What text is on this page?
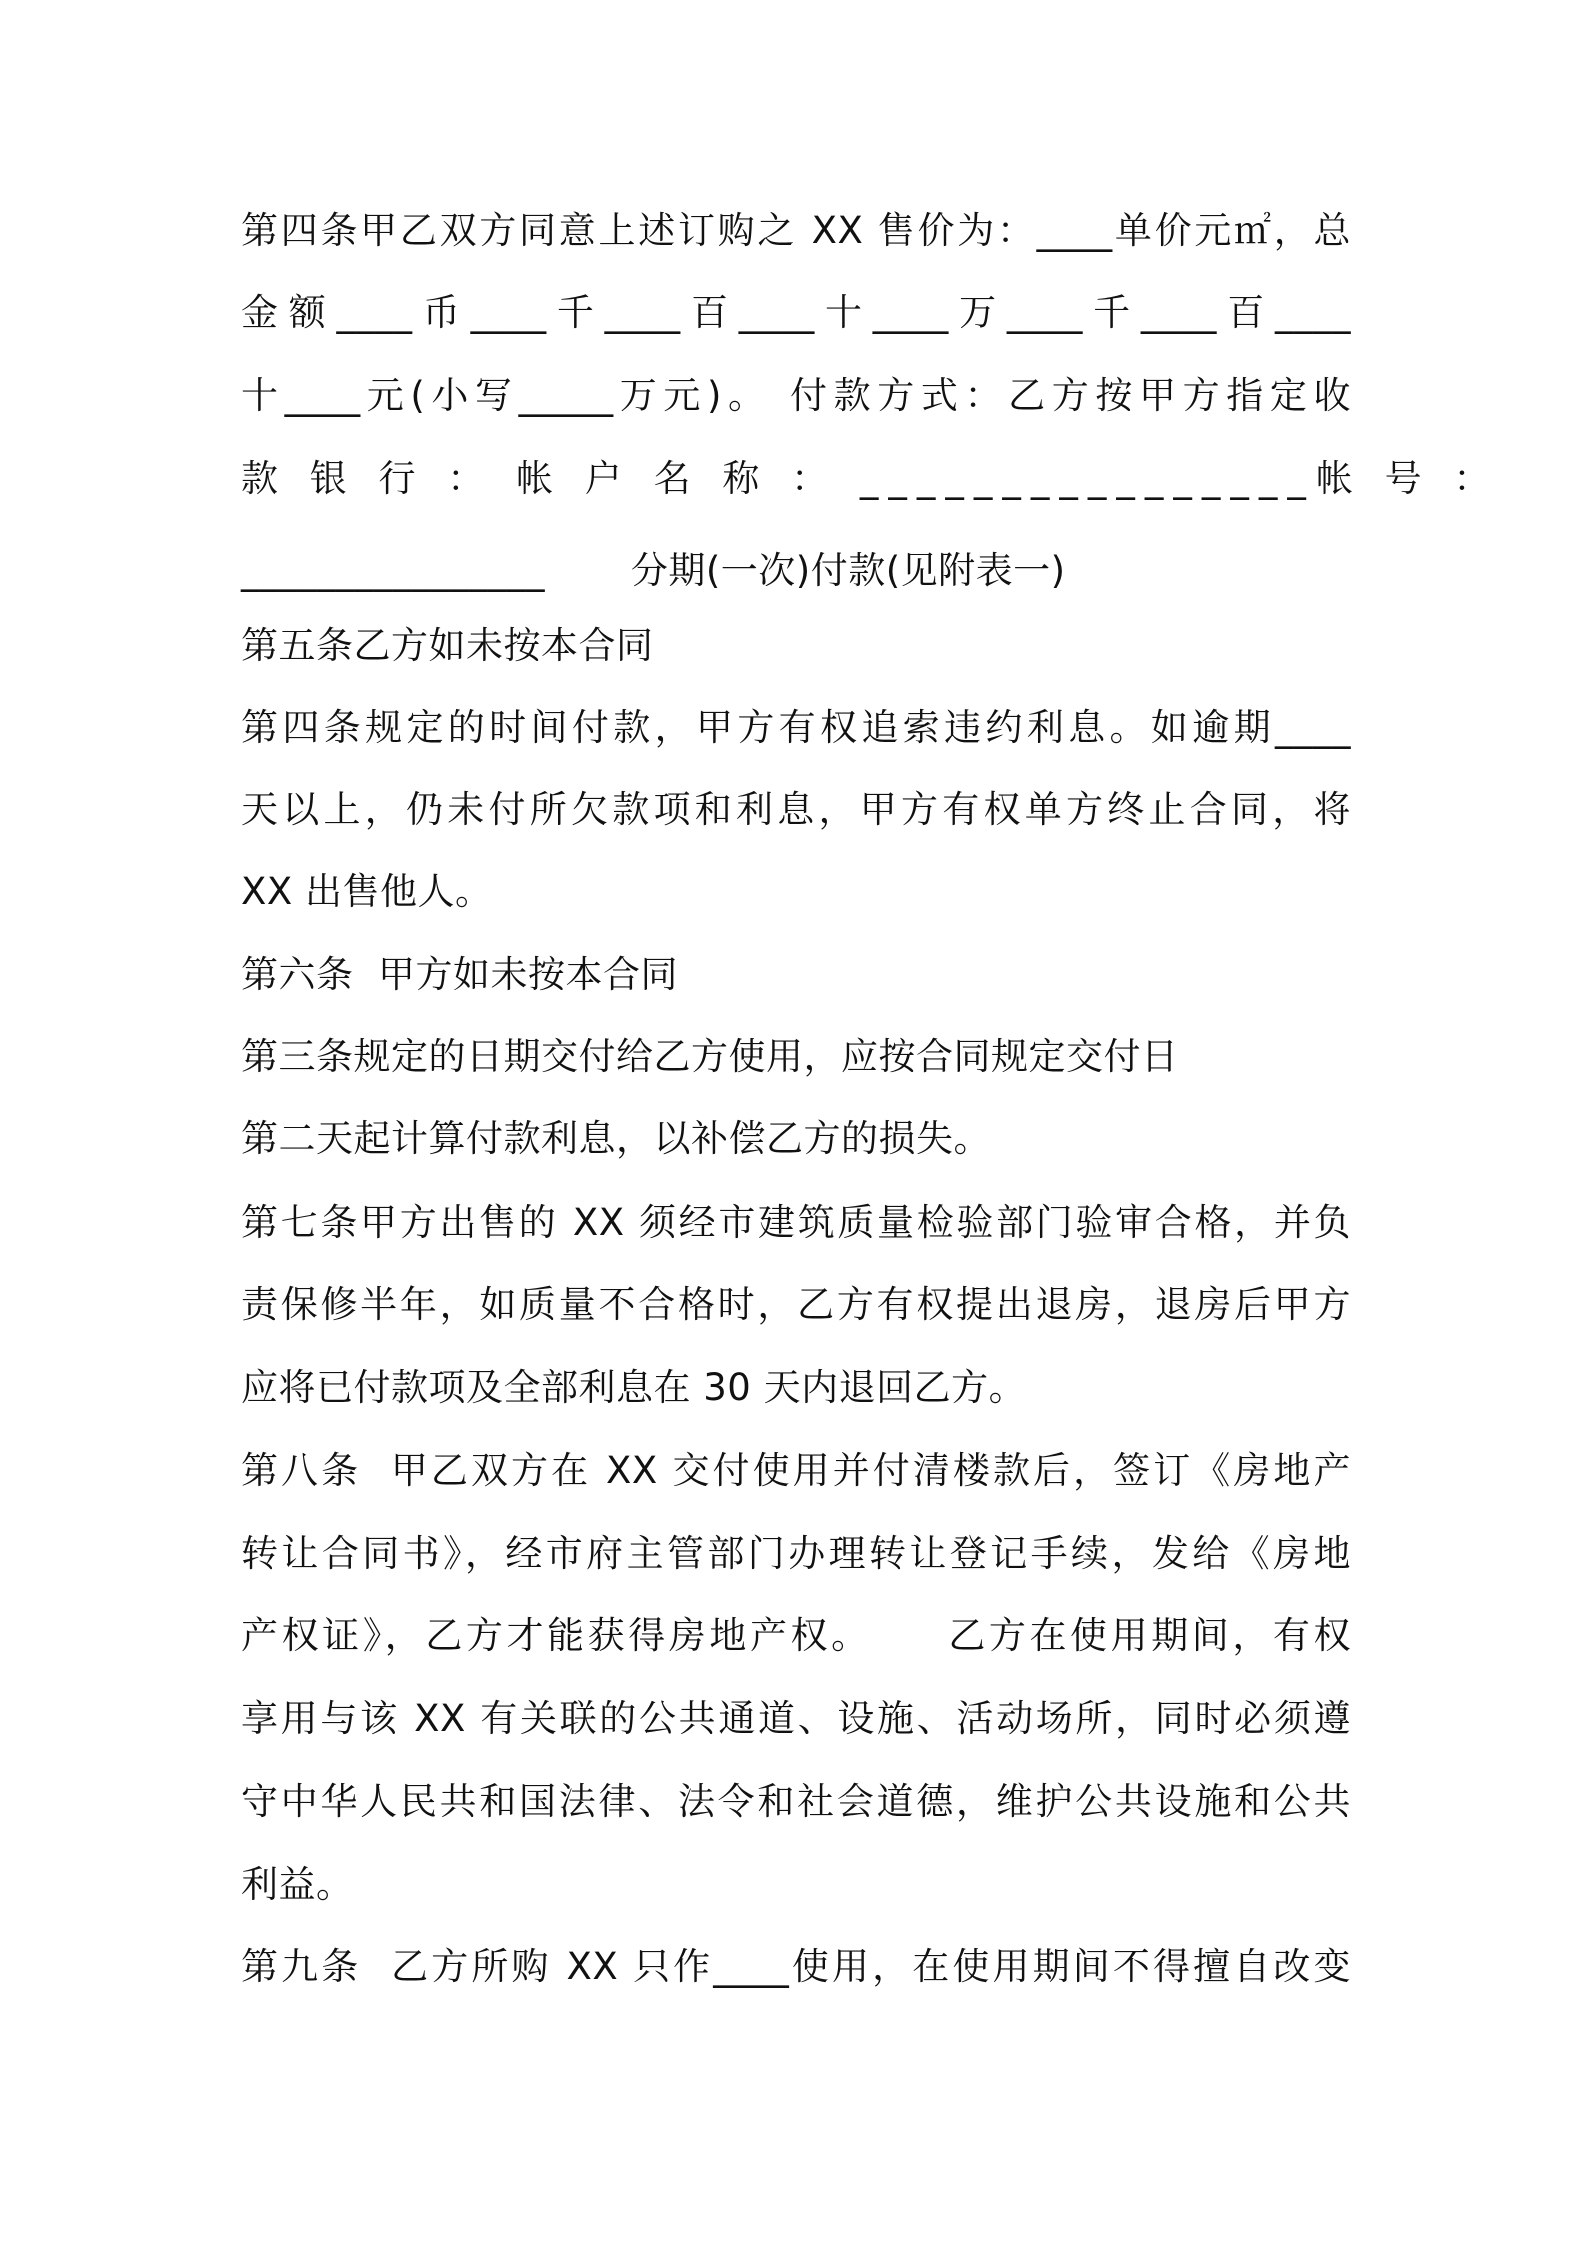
第四条甲乙双方同意上述订购之 XX 售价为：____单价元㎡，总
金额____币____千____百____十____万____千____百____
十____元(小写_____万元)。 付款方式：乙方按甲方指定收
款 银 行 ： 帐 户 名 称 ： ________________帐 号 ：
________________       分期(一次)付款(见附表一)
第五条乙方如未按本合同
第四条规定的时间付款，甲方有权追索违约利息。如逾期____
天以上，仍未付所欠款项和利息，甲方有权单方终止合同，将
XX 出售他人。
第六条  甲方如未按本合同
第三条规定的日期交付给乙方使用，应按合同规定交付日
第二天起计算付款利息，以补偿乙方的损失。
第七条甲方出售的 XX 须经市建筑质量检验部门验审合格，并负
责保修半年，如质量不合格时，乙方有权提出退房，退房后甲方
应将已付款项及全部利息在 30 天内退回乙方。
第八条  甲乙双方在 XX 交付使用并付清楼款后，签订《房地产
转让合同书》，经市府主管部门办理转让登记手续，发给《房地
产权证》，乙方才能获得房地产权。     乙方在使用期间，有权
享用与该 XX 有关联的公共通道、设施、活动场所，同时必须遵
守中华人民共和国法律、法令和社会道德，维护公共设施和公共
利益。
第九条  乙方所购 XX 只作____使用，在使用期间不得擅自改变
